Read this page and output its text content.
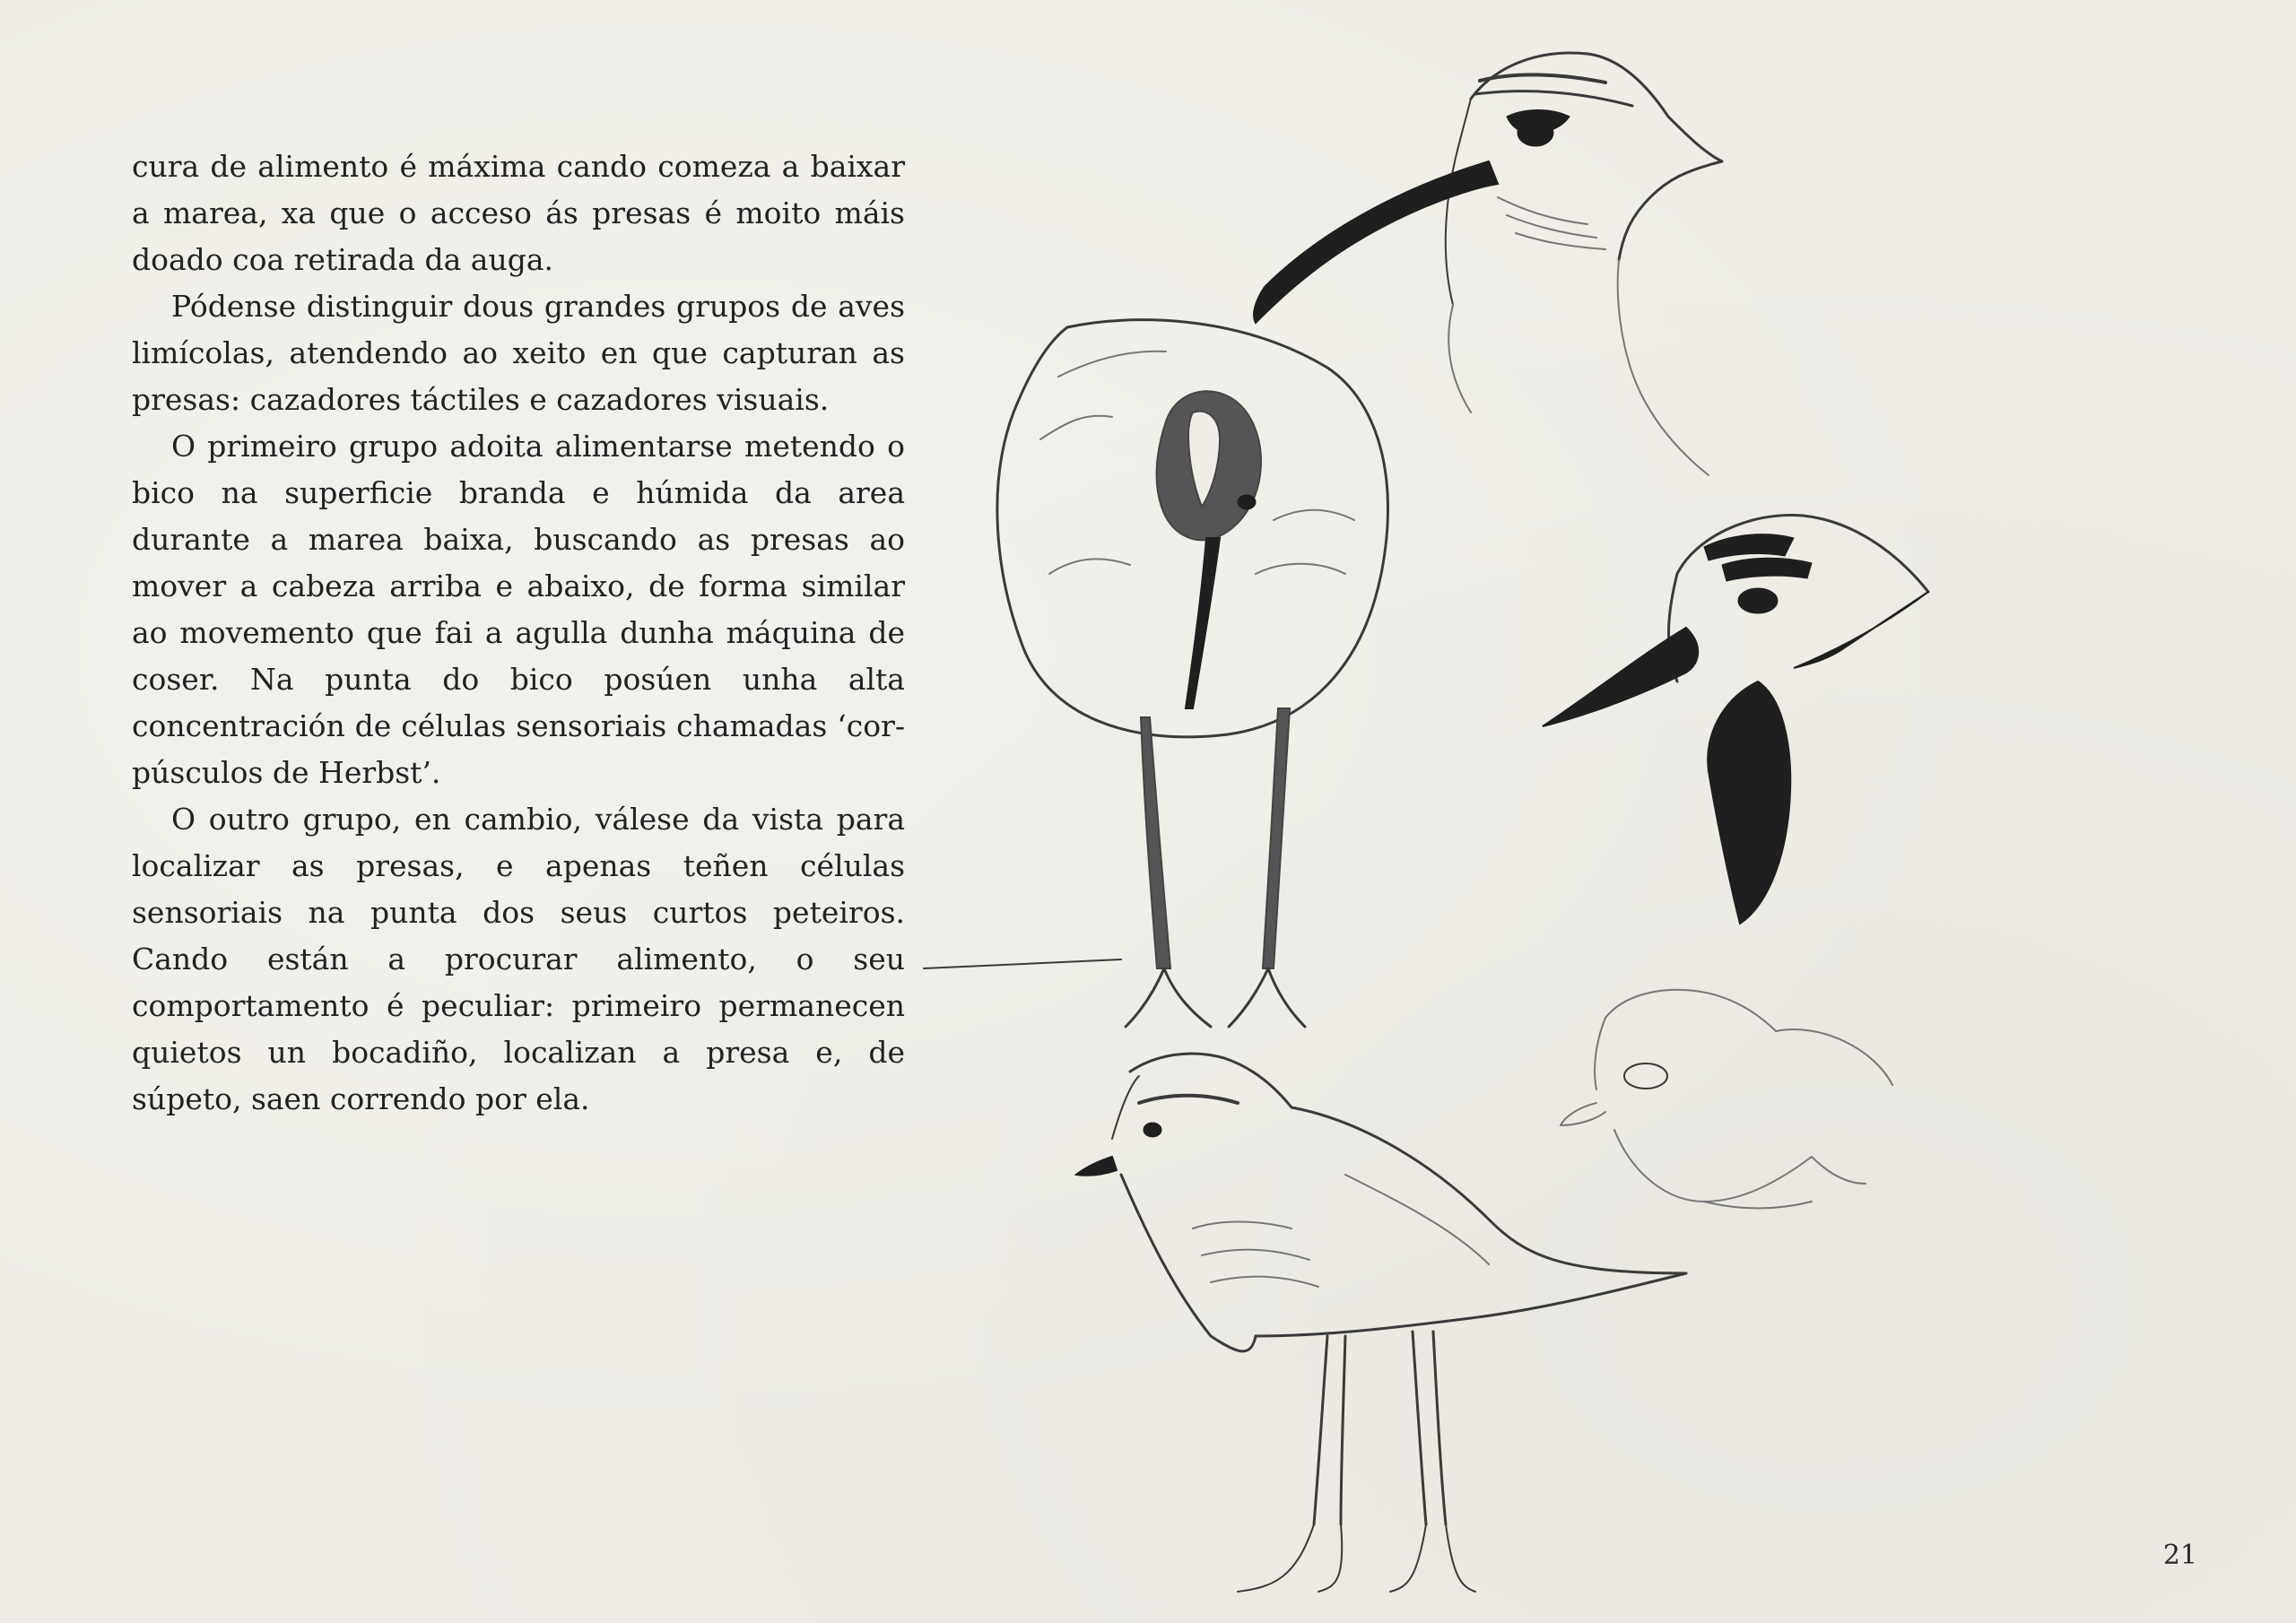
cura de alimento é máxima cando comeza a baixar a marea, xa que o acceso ás presas é moito máis doado coa retirada da auga.

Pódense distinguir dous grandes grupos de aves limícolas, atendendo ao xeito en que capturan as presas: cazadores táctiles e cazadores visuais.

O primeiro grupo adoita alimentarse metendo o bico na superficie branda e húmida da area durante a marea baixa, buscando as presas ao mover a cabeza arriba e abaixo, de forma similar ao movemento que fai a agulla dunha máquina de coser. Na punta do bico posúen unha alta concentración de células sensoriais chamadas ‘corpúsculos de Herbst’.

O outro grupo, en cambio, válese da vista para localizar as presas, e apenas teñen células sensoriais na punta dos seus curtos peteiros. Cando están a procurar alimento, o seu comportamento é peculiar: primeiro permanecen quietos un bocadiño, localizan a presa e, de súpeto, saen correndo por ela.

21
